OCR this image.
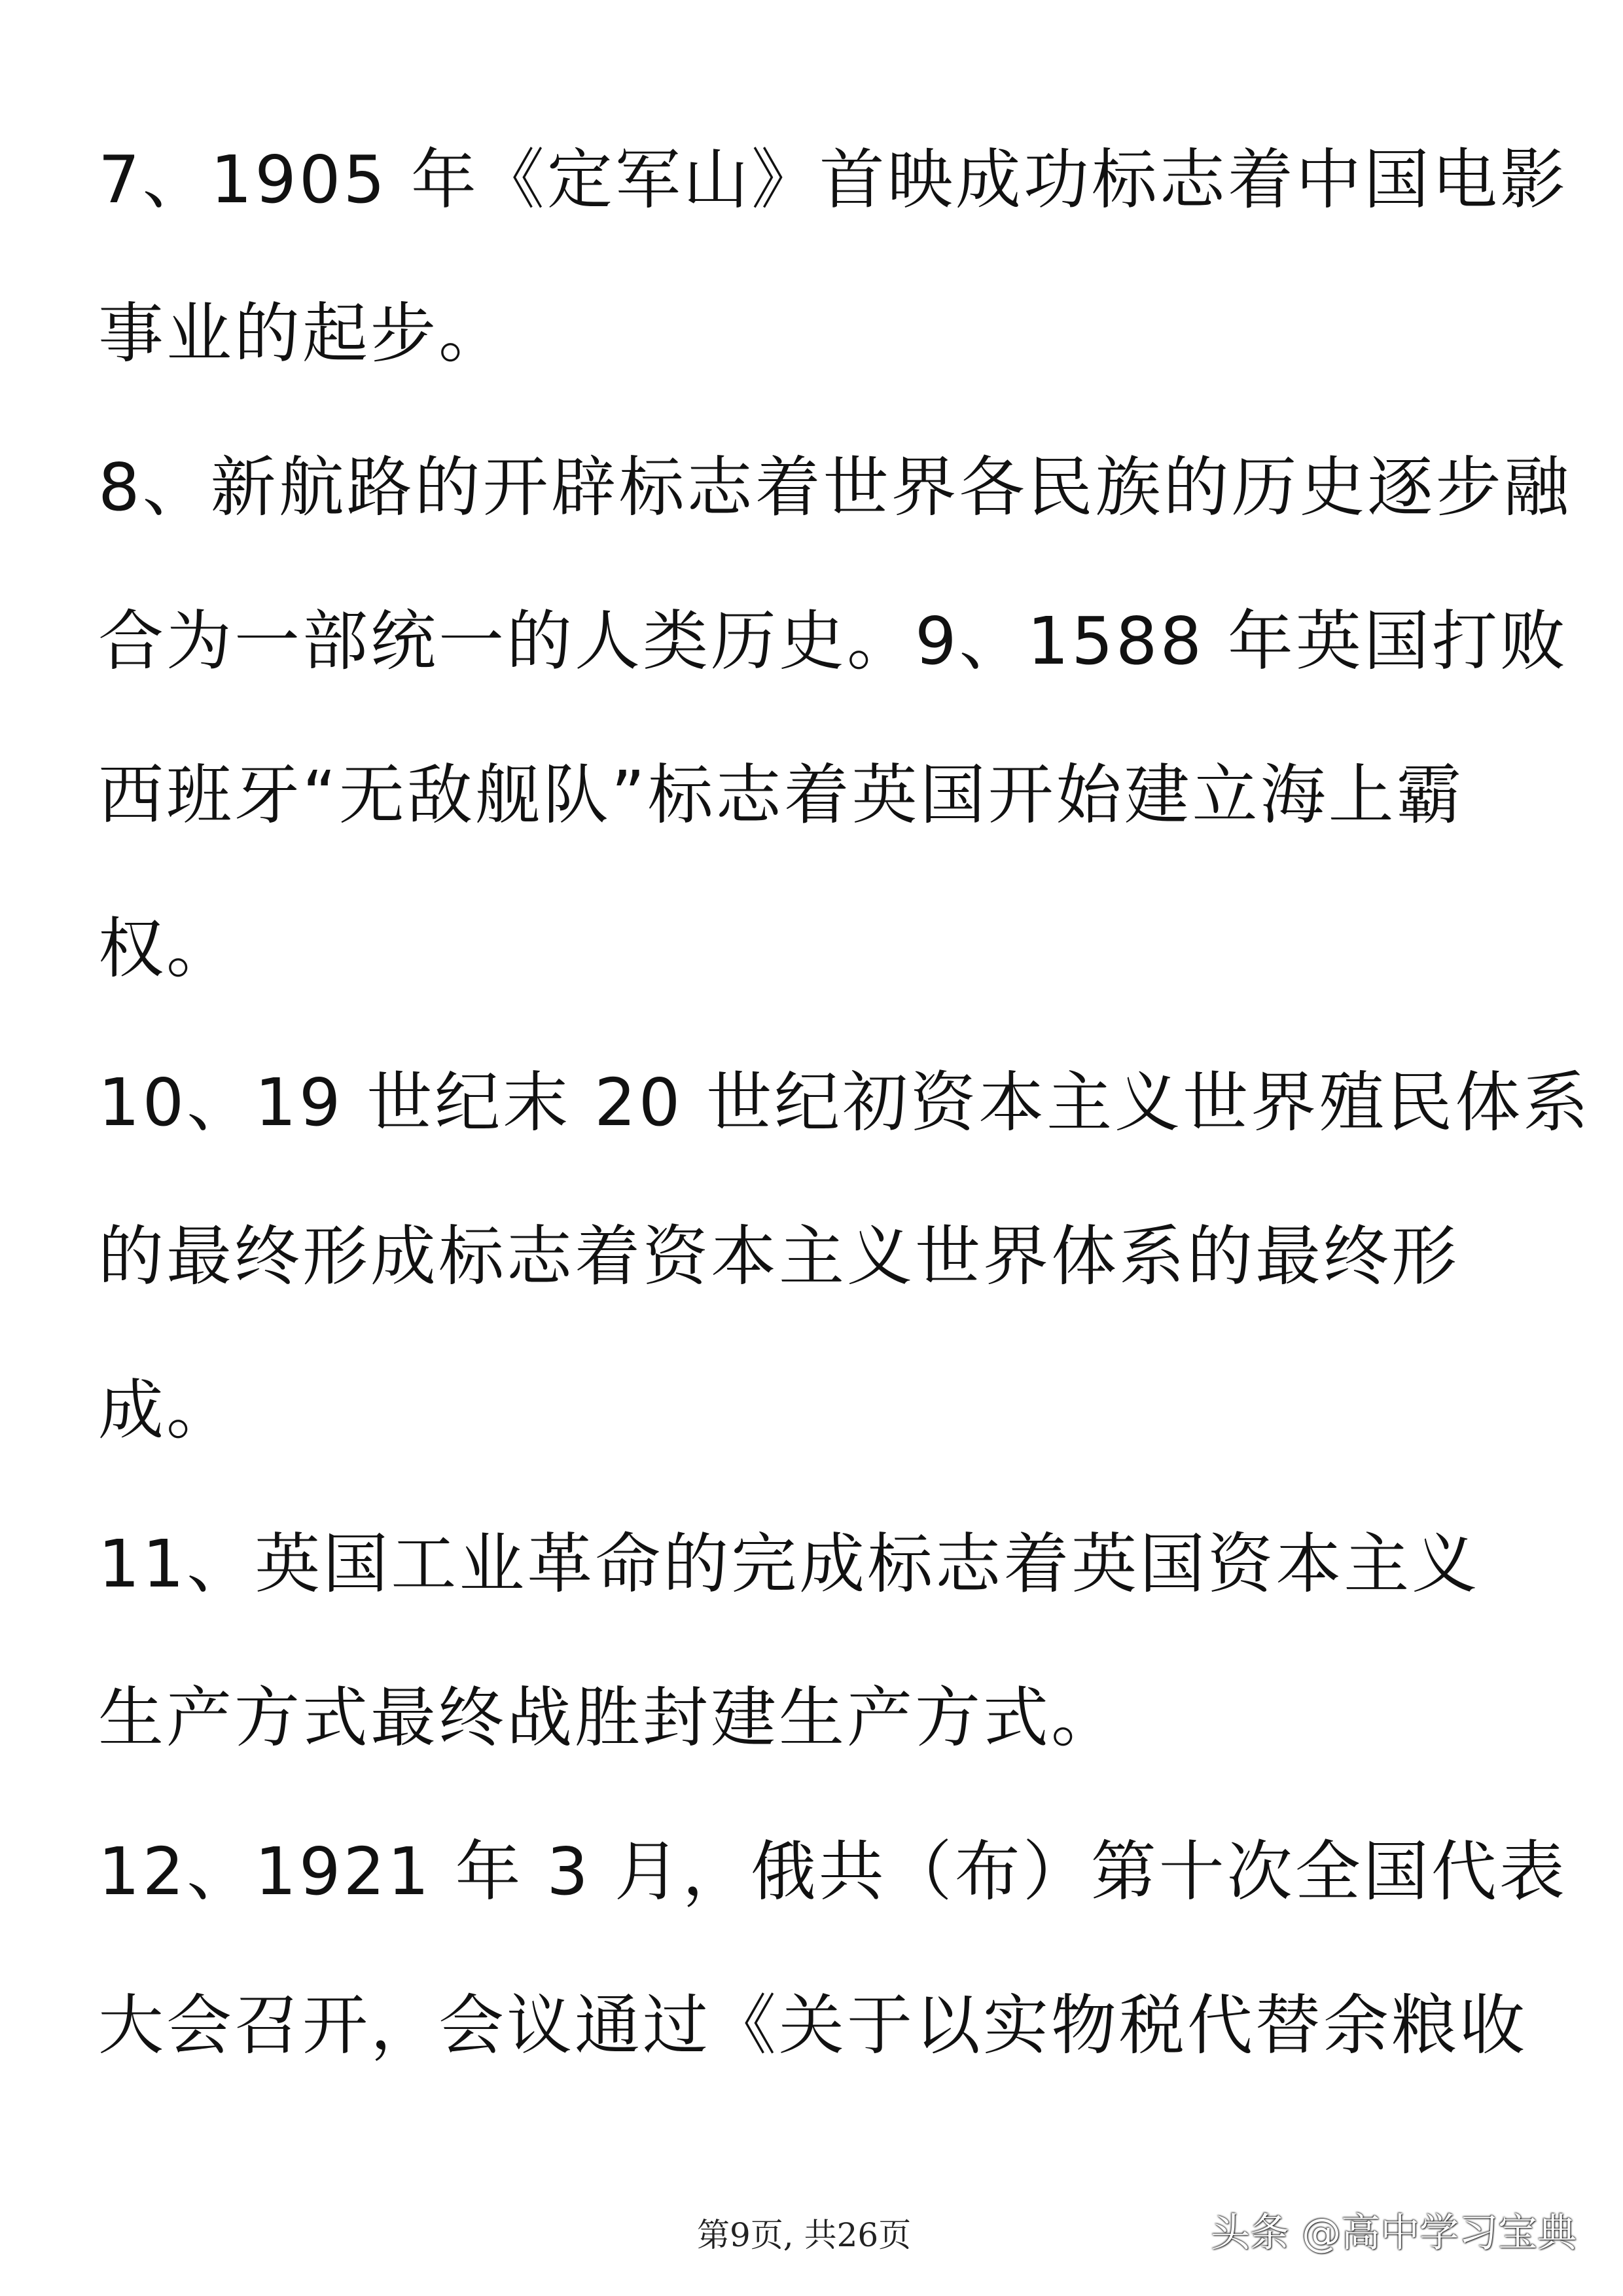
7、1905 年《定军山》首映成功标志着中国电影
事业的起步。
8、新航路的开辟标志着世界各民族的历史逐步融
合为一部统一的人类历史。9、1588 年英国打败
西班牙“无敌舰队”标志着英国开始建立海上霸
权。
10、19 世纪末 20 世纪初资本主义世界殖民体系
的最终形成标志着资本主义世界体系的最终形
成。
11、英国工业革命的完成标志着英国资本主义
生产方式最终战胜封建生产方式。
12、1921 年 3 月，俄共（布）第十次全国代表
大会召开，会议通过《关于以实物税代替余粮收
第9页, 共26页	头条 @高中学习宝典
